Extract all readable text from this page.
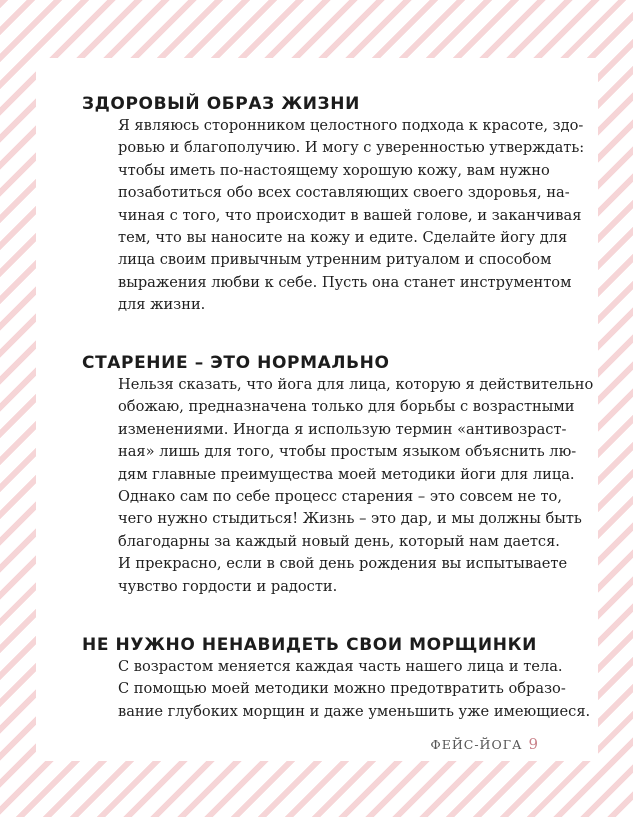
ЗДОРОВЫЙ ОБРАЗ ЖИЗНИ
Я являюсь сторонником целостного подхода к красоте, здо-
ровью и благополучию. И могу с уверенностью утверждать:
чтобы иметь по-настоящему хорошую кожу, вам нужно
позаботиться обо всех составляющих своего здоровья, на-
чиная с того, что происходит в вашей голове, и заканчивая
тем, что вы наносите на кожу и едите. Сделайте йогу для
лица своим привычным утренним ритуалом и способом
выражения любви к себе. Пусть она станет инструментом
для жизни.
СТАРЕНИЕ – ЭТО НОРМАЛЬНО
Нельзя сказать, что йога для лица, которую я действительно
обожаю, предназначена только для борьбы с возрастными
изменениями. Иногда я использую термин «антивозраст-
ная» лишь для того, чтобы простым языком объяснить лю-
дям главные преимущества моей методики йоги для лица.
Однако сам по себе процесс старения – это совсем не то,
чего нужно стыдиться! Жизнь – это дар, и мы должны быть
благодарны за каждый новый день, который нам дается.
И прекрасно, если в свой день рождения вы испытываете
чувство гордости и радости.
НЕ НУЖНО НЕНАВИДЕТЬ СВОИ МОРЩИНКИ
С возрастом меняется каждая часть нашего лица и тела.
С помощью моей методики можно предотвратить образо-
вание глубоких морщин и даже уменьшить уже имеющиеся.
ФЕЙС-ЙОГА 9
